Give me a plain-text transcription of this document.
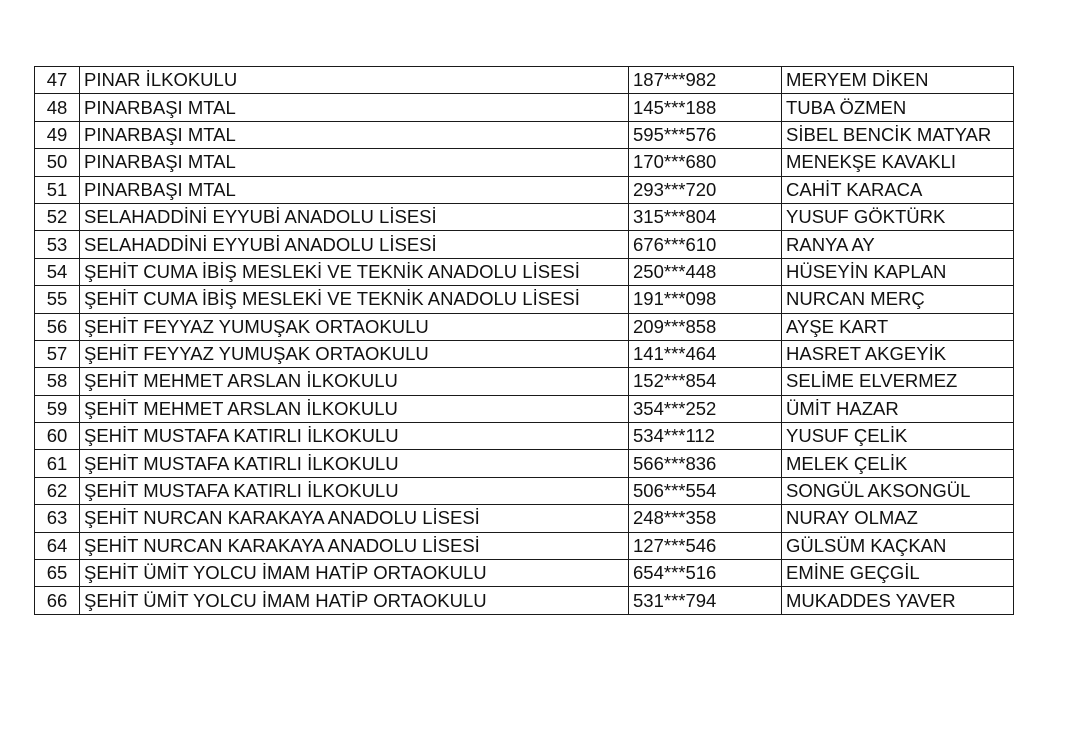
47	PINAR İLKOKULU	187***982	MERYEM DİKEN
48	PINARBAŞI MTAL	145***188	TUBA ÖZMEN
49	PINARBAŞI MTAL	595***576	SİBEL BENCİK MATYAR
50	PINARBAŞI MTAL	170***680	MENEKŞE KAVAKLI
51	PINARBAŞI MTAL	293***720	CAHİT KARACA
52	SELAHADDİNİ EYYUBİ ANADOLU LİSESİ	315***804	YUSUF GÖKTÜRK
53	SELAHADDİNİ EYYUBİ ANADOLU LİSESİ	676***610	RANYA AY
54	ŞEHİT CUMA İBİŞ MESLEKİ VE TEKNİK ANADOLU LİSESİ	250***448	HÜSEYİN KAPLAN
55	ŞEHİT CUMA İBİŞ MESLEKİ VE TEKNİK ANADOLU LİSESİ	191***098	NURCAN MERÇ
56	ŞEHİT FEYYAZ YUMUŞAK ORTAOKULU	209***858	AYŞE KART
57	ŞEHİT FEYYAZ YUMUŞAK ORTAOKULU	141***464	HASRET AKGEYİK
58	ŞEHİT MEHMET ARSLAN İLKOKULU	152***854	SELİME ELVERMEZ
59	ŞEHİT MEHMET ARSLAN İLKOKULU	354***252	ÜMİT HAZAR
60	ŞEHİT MUSTAFA KATIRLI İLKOKULU	534***112	YUSUF ÇELİK
61	ŞEHİT MUSTAFA KATIRLI İLKOKULU	566***836	MELEK ÇELİK
62	ŞEHİT MUSTAFA KATIRLI İLKOKULU	506***554	SONGÜL AKSONGÜL
63	ŞEHİT NURCAN KARAKAYA ANADOLU LİSESİ	248***358	NURAY OLMAZ
64	ŞEHİT NURCAN KARAKAYA ANADOLU LİSESİ	127***546	GÜLSÜM KAÇKAN
65	ŞEHİT ÜMİT YOLCU İMAM HATİP ORTAOKULU	654***516	EMİNE GEÇGİL
66	ŞEHİT ÜMİT YOLCU İMAM HATİP ORTAOKULU	531***794	MUKADDES YAVER
